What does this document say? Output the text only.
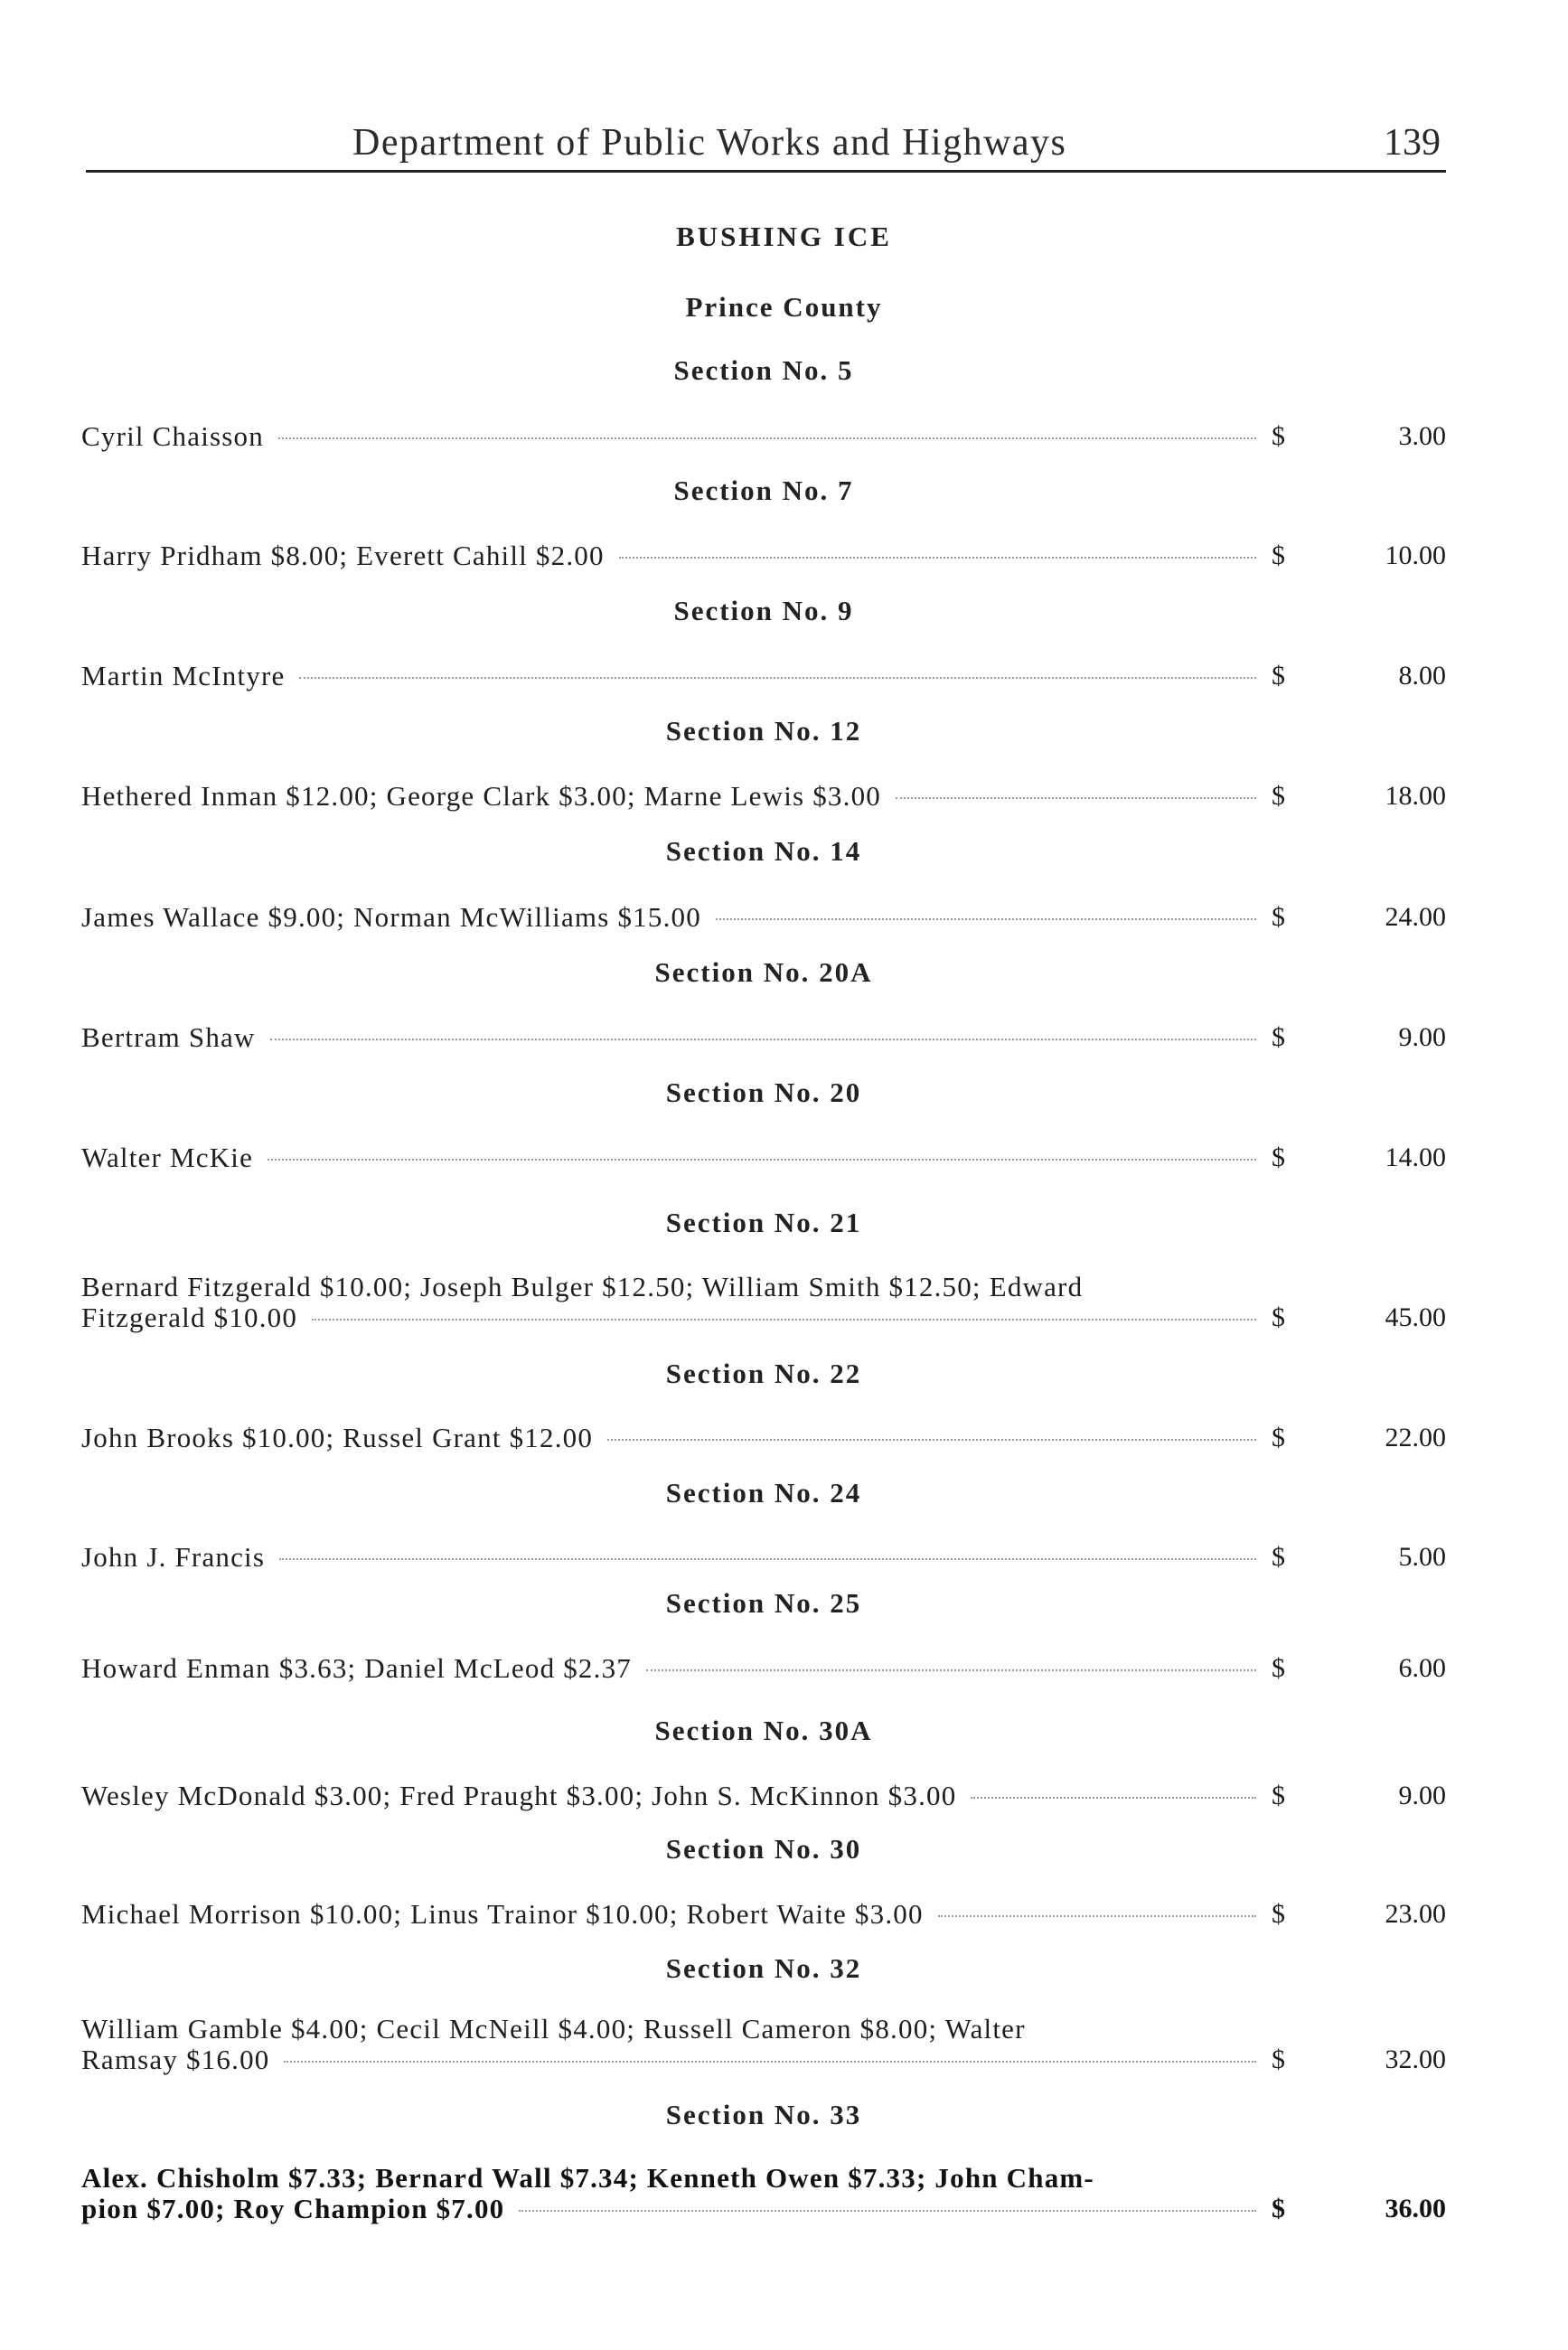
Department of Public Works and Highways	139
BUSHING ICE
Prince County
Section No. 5
Cyril Chaisson	$	3.00
Section No. 7
Harry Pridham $8.00; Everett Cahill $2.00	$	10.00
Section No. 9
Martin McIntyre	$	8.00
Section No. 12
Hethered Inman $12.00; George Clark $3.00; Marne Lewis $3.00	$	18.00
Section No. 14
James Wallace $9.00; Norman McWilliams $15.00	$	24.00
Section No. 20A
Bertram Shaw	$	9.00
Section No. 20
Walter McKie	$	14.00
Section No. 21
Bernard Fitzgerald $10.00; Joseph Bulger $12.50; William Smith $12.50; Edward
Fitzgerald $10.00	$	45.00
Section No. 22
John Brooks $10.00; Russel Grant $12.00	$	22.00
Section No. 24
John J. Francis	$	5.00
Section No. 25
Howard Enman $3.63; Daniel McLeod $2.37	$	6.00
Section No. 30A
Wesley McDonald $3.00; Fred Praught $3.00; John S. McKinnon $3.00	$	9.00
Section No. 30
Michael Morrison $10.00; Linus Trainor $10.00; Robert Waite $3.00	$	23.00
Section No. 32
William Gamble $4.00; Cecil McNeill $4.00; Russell Cameron $8.00; Walter
Ramsay $16.00	$	32.00
Section No. 33
Alex. Chisholm $7.33; Bernard Wall $7.34; Kenneth Owen $7.33; John Cham-
pion $7.00; Roy Champion $7.00	$	36.00
